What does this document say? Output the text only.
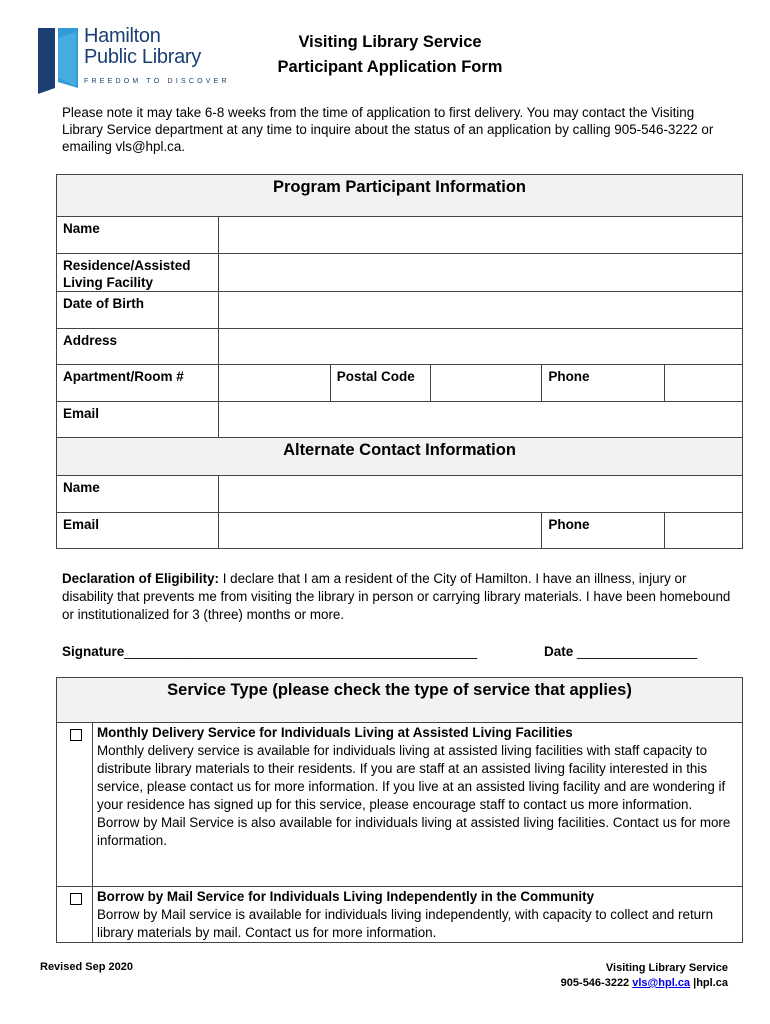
Hamilton
Public Library
FREEDOM TO DISCOVER
Visiting Library Service
Participant Application Form
Please note it may take 6-8 weeks from the time of application to first delivery. You may contact the Visiting Library Service department at any time to inquire about the status of an application by calling 905-546-3222 or emailing vls@hpl.ca.
Program Participant Information					
Name					
Residence/Assisted Living Facility					
Date of Birth					
Address					
Apartment/Room #		Postal Code		Phone	
Email					
Alternate Contact Information					
Name					
Email				Phone	
Declaration of Eligibility: I declare that I am a resident of the City of Hamilton. I have an illness, injury or disability that prevents me from visiting the library in person or carrying library materials. I have been homebound or institutionalized for 3 (three) months or more.
Signature_______________________________________________	Date ________________
Service Type (please check the type of service that applies)	

	Monthly Delivery Service for Individuals Living at Assisted Living Facilities
Monthly delivery service is available for individuals living at assisted living facilities with staff capacity to distribute library materials to their residents. If you are staff at an assisted living facility interested in this service, please contact us for more information. If you live at an assisted living facility and are wondering if your residence has signed up for this service, please encourage staff to contact us more information. Borrow by Mail Service is also available for individuals living at assisted living facilities. Contact us for more information.

	Borrow by Mail Service for Individuals Living Independently in the Community
Borrow by Mail service is available for individuals living independently, with capacity to collect and return library materials by mail. Contact us for more information.
Revised Sep 2020	Visiting Library Service
905-546-3222 vls@hpl.ca |hpl.ca
